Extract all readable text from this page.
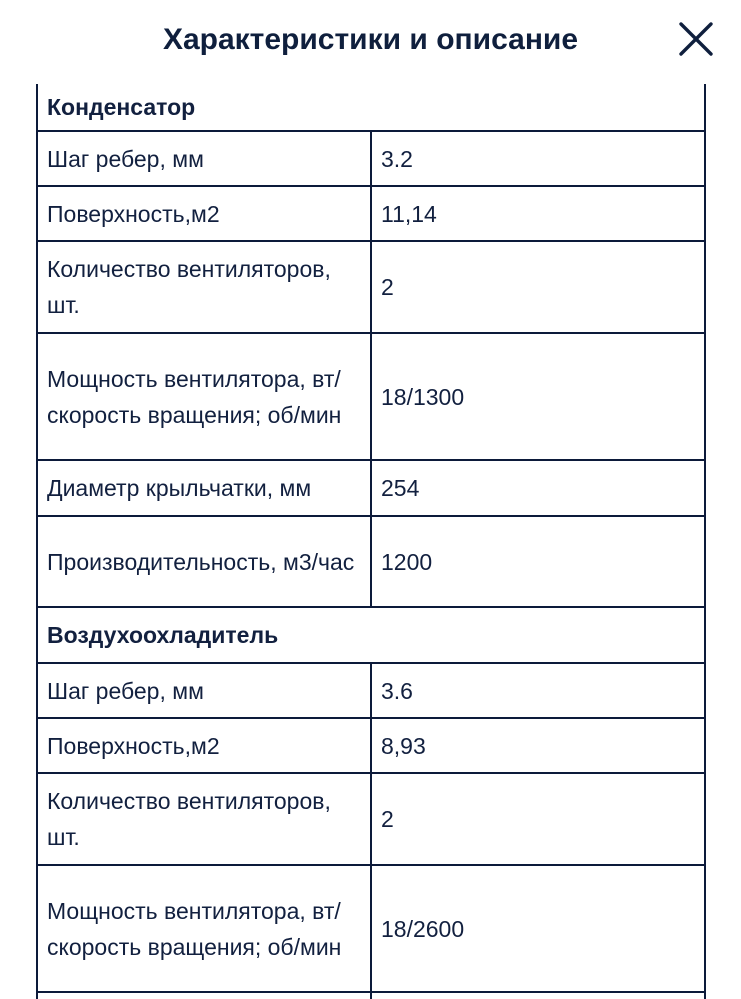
Характеристики и описание
Конденсатор	
Шаг ребер, мм	3.2
Поверхность,м2	11,14
Количество вентиляторов, шт.	2
Мощность вентилятора, вт/скорость вращения; об/мин	18/1300
Диаметр крыльчатки, мм	254
Производительность, м3/час	1200
Воздухоохладитель	
Шаг ребер, мм	3.6
Поверхность,м2	8,93
Количество вентиляторов, шт.	2
Мощность вентилятора, вт/скорость вращения; об/мин	18/2600
